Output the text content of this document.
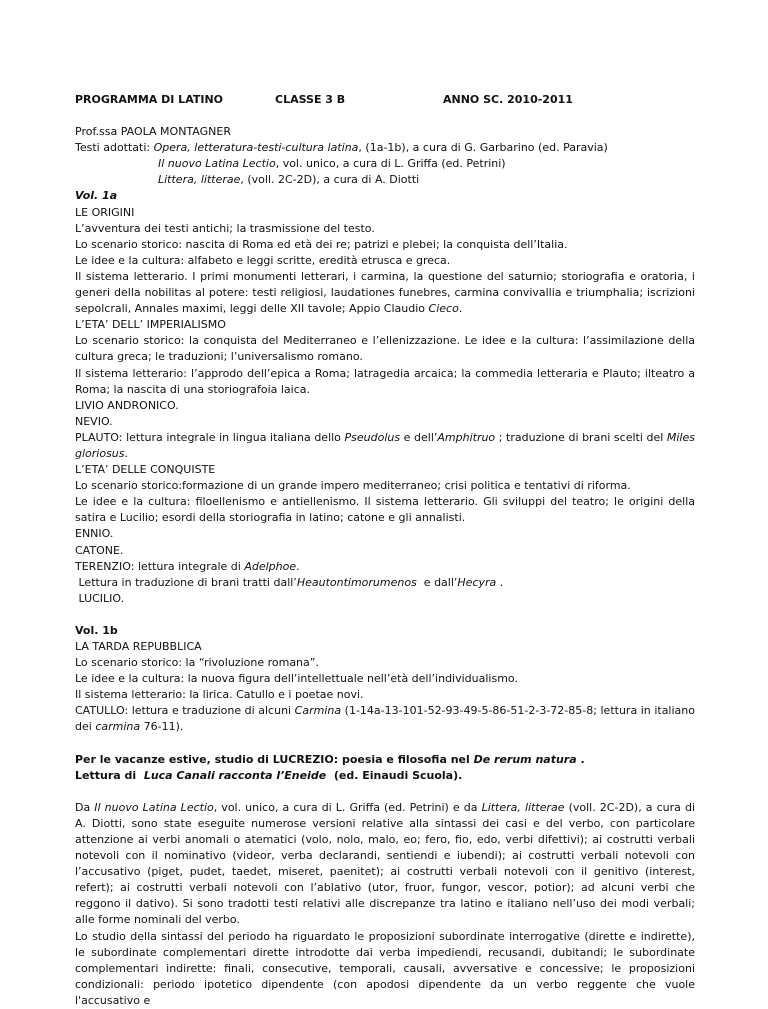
PROGRAMMA DI LATINO	CLASSE 3 B	ANNO SC. 2010-2011
Prof.ssa PAOLA MONTAGNER
Testi adottati: Opera, letteratura-testi-cultura latina, (1a-1b), a cura di G. Garbarino (ed. Paravia)
Il nuovo Latina Lectio, vol. unico, a cura di L. Griffa (ed. Petrini)
Littera, litterae, (voll. 2C-2D), a cura di A. Diotti
Vol. 1a
LE ORIGINI
L’avventura dei testi antichi; la trasmissione del testo.
Lo scenario storico: nascita di Roma ed età dei re; patrizi e plebei; la conquista dell’Italia.
Le idee e la cultura: alfabeto e leggi scritte, eredità etrusca e greca.
Il sistema letterario. I primi monumenti letterari, i carmina, la questione del saturnio; storiografia e oratoria, i generi della nobilitas al potere: testi religiosi, laudationes funebres, carmina convivallia e triumphalia; iscrizioni sepolcrali, Annales maximi, leggi delle XII tavole; Appio Claudio Cieco.
L’ETA’ DELL’ IMPERIALISMO
Lo scenario storico: la conquista del Mediterraneo e l’ellenizzazione. Le idee e la cultura: l’assimilazione della cultura greca; le traduzioni; l’universalismo romano.
Il sistema letterario: l’approdo dell’epica a Roma; latragedia arcaica; la commedia letteraria e Plauto; ilteatro a Roma; la nascita di una storiografoia laica.
LIVIO ANDRONICO.
NEVIO.
PLAUTO: lettura integrale in lingua italiana dello Pseudolus e dell’Amphitruo ; traduzione di brani scelti del Miles gloriosus.
L’ETA’ DELLE CONQUISTE
Lo scenario storico:formazione di un grande impero mediterraneo; crisi politica e tentativi di riforma.
Le idee e la cultura: filoellenismo e antiellenismo. Il sistema letterario. Gli sviluppi del teatro; le origini della satira e Lucilio; esordi della storiografia in latino; catone e gli annalisti.
ENNIO.
CATONE.
TERENZIO: lettura integrale di Adelphoe.
Lettura in traduzione di brani tratti dall’Heautontimorumenos  e dall’Hecyra .
LUCILIO.
Vol. 1b
LA TARDA REPUBBLICA
Lo scenario storico: la “rivoluzione romana”.
Le idee e la cultura: la nuova figura dell’intellettuale nell’età dell’individualismo.
Il sistema letterario: la lirica. Catullo e i poetae novi.
CATULLO: lettura e traduzione di alcuni Carmina (1-14a-13-101-52-93-49-5-86-51-2-3-72-85-8; lettura in italiano dei carmina 76-11).
Per le vacanze estive, studio di LUCREZIO: poesia e filosofia nel De rerum natura .
Lettura di  Luca Canali racconta l’Eneide  (ed. Einaudi Scuola).
Da Il nuovo Latina Lectio, vol. unico, a cura di L. Griffa (ed. Petrini) e da Littera, litterae (voll. 2C-2D), a cura di A. Diotti, sono state eseguite numerose versioni relative alla sintassi dei casi e del verbo, con particolare attenzione ai verbi anomali o atematici (volo, nolo, malo, eo; fero, fio, edo, verbi difettivi); ai costrutti verbali notevoli con il nominativo (videor, verba declarandi, sentiendi e iubendi); ai costrutti verbali notevoli con l’accusativo (piget, pudet, taedet, miseret, paenitet); ai costrutti verbali notevoli con il genitivo (interest, refert); ai costrutti verbali notevoli con l’ablativo (utor, fruor, fungor, vescor, potior); ad alcuni verbi che reggono il dativo). Si sono tradotti testi relativi alle discrepanze tra latino e italiano nell’uso dei modi verbali; alle forme nominali del verbo.
Lo studio della sintassi del periodo ha riguardato le proposizioni subordinate interrogative (dirette e indirette), le subordinate complementari dirette introdotte dai verba impediendi, recusandi, dubitandi; le subordinate complementari indirette: finali, consecutive, temporali, causali, avversative e concessive; le proposizioni condizionali: periodo ipotetico dipendente (con apodosi dipendente da un verbo reggente che vuole l'accusativo e
